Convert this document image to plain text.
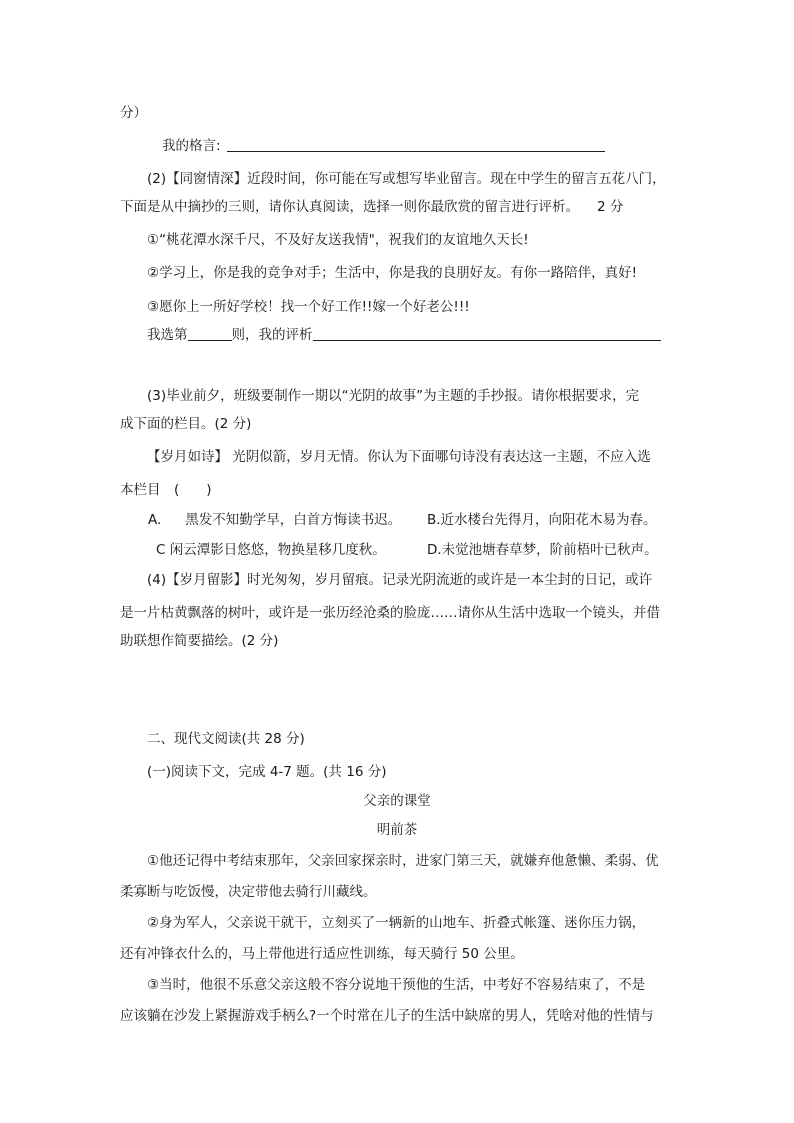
分）
我的格言:
(2)【同窗情深】近段时间，你可能在写或想写毕业留言。现在中学生的留言五花八门，
下面是从中摘抄的三则，请你认真阅读，选择一则你最欣赏的留言进行评析。 2 分
①“桃花潭水深千尺，不及好友送我情"，祝我们的友谊地久天长!
②学习上，你是我的竞争对手；生活中，你是我的良朋好友。有你一路陪伴，真好!
③愿你上一所好学校！找一个好工作!!嫁一个好老公!!!
我选第	则，我的评析
(3)毕业前夕，班级要制作一期以“光阴的故事”为主题的手抄报。请你根据要求，完
成下面的栏目。(2 分)
【岁月如诗】 光阴似箭，岁月无情。你认为下面哪句诗没有表达这一主题，不应入选
本栏目　(　　)
A. 黑发不知勤学早，白首方悔读书迟。 B.近水楼台先得月，向阳花木易为春。
C 闲云潭影日悠悠，物换星移几度秋。	D.未觉池塘春草梦，阶前梧叶已秋声。
(4)【岁月留影】时光匆匆，岁月留痕。记录光阴流逝的或许是一本尘封的日记，或许
是一片枯黄飘落的树叶，或许是一张历经沧桑的脸庞……请你从生活中选取一个镜头，并借
助联想作简要描绘。(2 分)
二、现代文阅读(共 28 分)
(一)阅读下文，完成 4-7 题。(共 16 分)
父亲的课堂
明前茶
①他还记得中考结束那年，父亲回家探亲时，进家门第三天，就嫌弃他惫懒、柔弱、优
柔寡断与吃饭慢，决定带他去骑行川藏线。
②身为军人，父亲说干就干，立刻买了一辆新的山地车、折叠式帐篷、迷你压力锅，
还有冲锋衣什么的，马上带他进行适应性训练，每天骑行 50 公里。
③当时，他很不乐意父亲这般不容分说地干预他的生活，中考好不容易结束了，不是
应该躺在沙发上紧握游戏手柄么?一个时常在儿子的生活中缺席的男人，凭啥对他的性情与
